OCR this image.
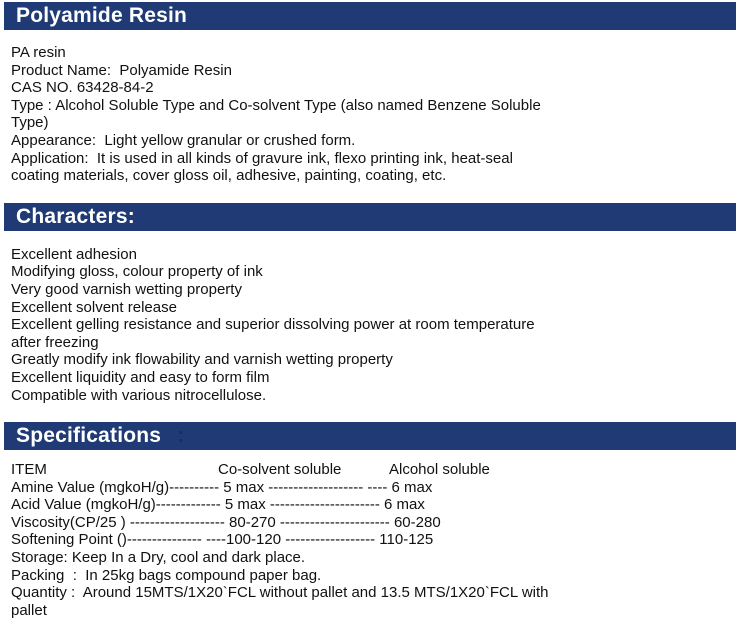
Polyamide Resin
PA resin
Product Name:  Polyamide Resin
CAS NO. 63428-84-2
Type : Alcohol Soluble Type and Co-solvent Type (also named Benzene Soluble
Type)
Appearance:  Light yellow granular or crushed form.
Application:  It is used in all kinds of gravure ink, flexo printing ink, heat-seal
coating materials, cover gloss oil, adhesive, painting, coating, etc.
Characters:
Excellent adhesion
Modifying gloss, colour property of ink
Very good varnish wetting property
Excellent solvent release
Excellent gelling resistance and superior dissolving power at room temperature
after freezing
Greatly modify ink flowability and varnish wetting property
Excellent liquidity and easy to form film
Compatible with various nitrocellulose.
Specifications :
ITEM	Co-solvent soluble	Alcohol soluble
Amine Value (mgkoH/g)---------- 5 max ------------------- ---- 6 max
Acid Value (mgkoH/g)------------- 5 max ---------------------- 6 max
Viscosity(CP/25 ) ------------------- 80-270 ---------------------- 60-280
Softening Point ()--------------- ----100-120 ------------------ 110-125
Storage: Keep In a Dry, cool and dark place.
Packing  :  In 25kg bags compound paper bag.
Quantity :  Around 15MTS/1X20`FCL without pallet and 13.5 MTS/1X20`FCL with
pallet
